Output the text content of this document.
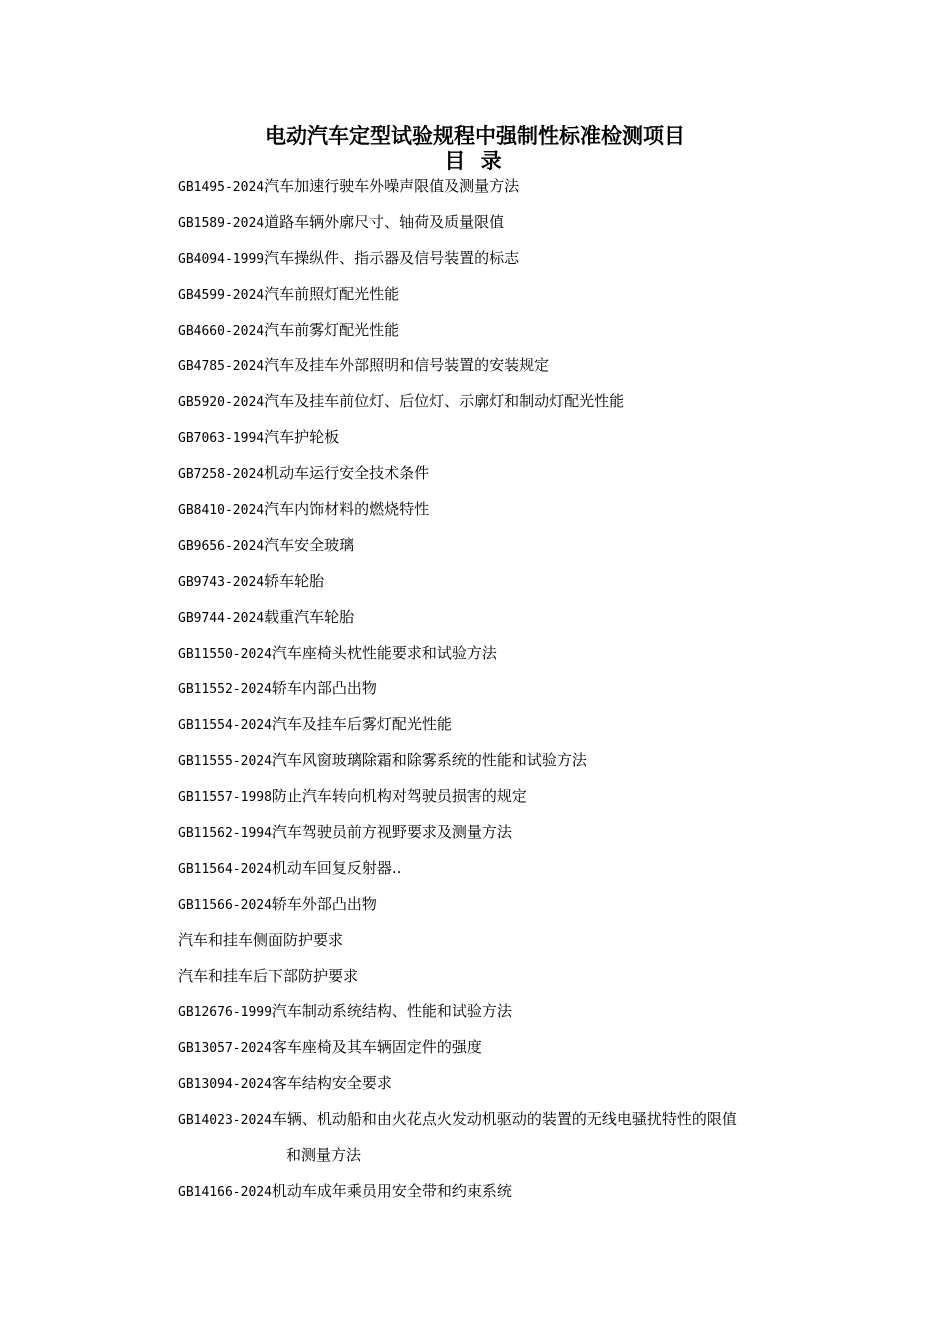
电动汽车定型试验规程中强制性标准检测项目
目 录
GB1495-2024汽车加速行驶车外噪声限值及测量方法
GB1589-2024道路车辆外廓尺寸、轴荷及质量限值
GB4094-1999汽车操纵件、指示器及信号装置的标志
GB4599-2024汽车前照灯配光性能
GB4660-2024汽车前雾灯配光性能
GB4785-2024汽车及挂车外部照明和信号装置的安装规定
GB5920-2024汽车及挂车前位灯、后位灯、示廓灯和制动灯配光性能
GB7063-1994汽车护轮板
GB7258-2024机动车运行安全技术条件
GB8410-2024汽车内饰材料的燃烧特性
GB9656-2024汽车安全玻璃
GB9743-2024轿车轮胎
GB9744-2024载重汽车轮胎
GB11550-2024汽车座椅头枕性能要求和试验方法
GB11552-2024轿车内部凸出物
GB11554-2024汽车及挂车后雾灯配光性能
GB11555-2024汽车风窗玻璃除霜和除雾系统的性能和试验方法
GB11557-1998防止汽车转向机构对驾驶员损害的规定
GB11562-1994汽车驾驶员前方视野要求及测量方法
GB11564-2024机动车回复反射器..
GB11566-2024轿车外部凸出物
汽车和挂车侧面防护要求
汽车和挂车后下部防护要求
GB12676-1999汽车制动系统结构、性能和试验方法
GB13057-2024客车座椅及其车辆固定件的强度
GB13094-2024客车结构安全要求
GB14023-2024车辆、机动船和由火花点火发动机驱动的装置的无线电骚扰特性的限值
和测量方法
GB14166-2024机动车成年乘员用安全带和约束系统
